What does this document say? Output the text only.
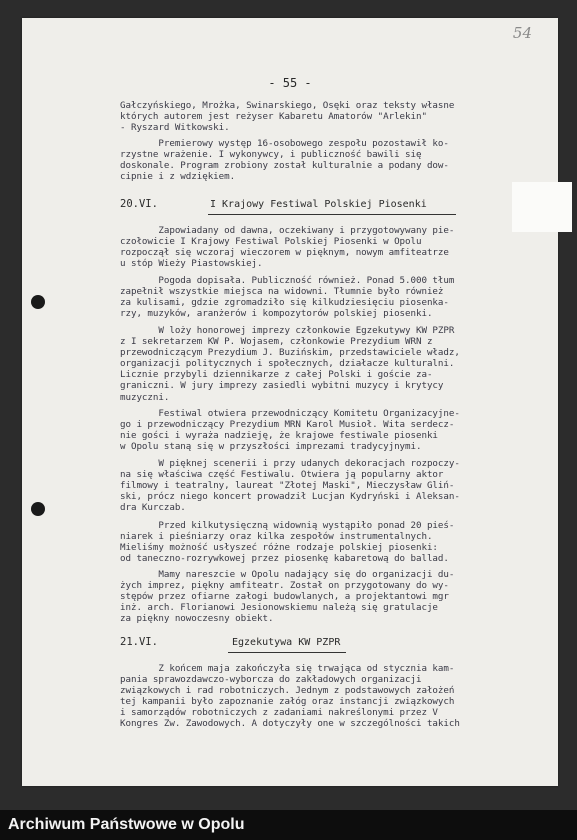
54
- 55 -
Gałczyńskiego, Mrożka, Swinarskiego, Osęki oraz teksty własne
których autorem jest reżyser Kabaretu Amatorów "Arlekin"
- Ryszard Witkowski.
Premierowy występ 16-osobowego zespołu pozostawił ko-
rzystne wrażenie. I wykonywcy, i publiczność bawili się
doskonale. Program zrobiony został kulturalnie a podany dow-
cipnie i z wdziękiem.
20.VI.	I Krajowy Festiwal Polskiej Piosenki
Zapowiadany od dawna, oczekiwany i przygotowywany pie-
czołowicie I Krajowy Festiwal Polskiej Piosenki w Opolu
rozpoczął się wczoraj wieczorem w pięknym, nowym amfiteatrze
u stóp Wieży Piastowskiej.
Pogoda dopisała. Publiczność również. Ponad 5.000 tłum
zapełnił wszystkie miejsca na widowni. Tłumnie było również
za kulisami, gdzie zgromadziło się kilkudziesięciu piosenka-
rzy, muzyków, aranżerów i kompozytorów polskiej piosenki.
W loży honorowej imprezy członkowie Egzekutywy KW PZPR
z I sekretarzem KW P. Wojasem, członkowie Prezydium WRN z
przewodniczącym Prezydium J. Buzińskim, przedstawiciele władz,
organizacji politycznych i społecznych, działacze kulturalni.
Licznie przybyli dziennikarze z całej Polski i goście za-
graniczni. W jury imprezy zasiedli wybitni muzycy i krytycy
muzyczni.
Festiwal otwiera przewodniczący Komitetu Organizacyjne-
go i przewodniczący Prezydium MRN Karol Musioł. Wita serdecz-
nie gości i wyraża nadzieję, że krajowe festiwale piosenki
w Opolu staną się w przyszłości imprezami tradycyjnymi.
W pięknej scenerii i przy udanych dekoracjach rozpoczy-
na się właściwa część Festiwalu. Otwiera ją popularny aktor
filmowy i teatralny, laureat "Złotej Maski", Mieczysław Gliń-
ski, prócz niego koncert prowadził Lucjan Kydryński i Aleksan-
dra Kurczab.
Przed kilkutysięczną widownią wystąpiło ponad 20 pieś-
niarek i pieśniarzy oraz kilka zespołów instrumentalnych.
Mieliśmy możność usłyszeć różne rodzaje polskiej piosenki:
od taneczno-rozrywkowej przez piosenkę kabaretową do ballad.
Mamy nareszcie w Opolu nadający się do organizacji du-
żych imprez, piękny amfiteatr. Został on przygotowany do wy-
stępów przez ofiarne załogi budowlanych, a projektantowi mgr
inż. arch. Florianowi Jesionowskiemu należą się gratulacje
za piękny nowoczesny obiekt.
21.VI.	Egzekutywa KW PZPR
Z końcem maja zakończyła się trwająca od stycznia kam-
pania sprawozdawczo-wyborcza do zakładowych organizacji
związkowych i rad robotniczych. Jednym z podstawowych założeń
tej kampanii było zapoznanie załóg oraz instancji związkowych
i samorządów robotniczych z zadaniami nakreślonymi przez V
Kongres Zw. Zawodowych. A dotyczyły one w szczególności takich
Archiwum Państwowe w Opolu
